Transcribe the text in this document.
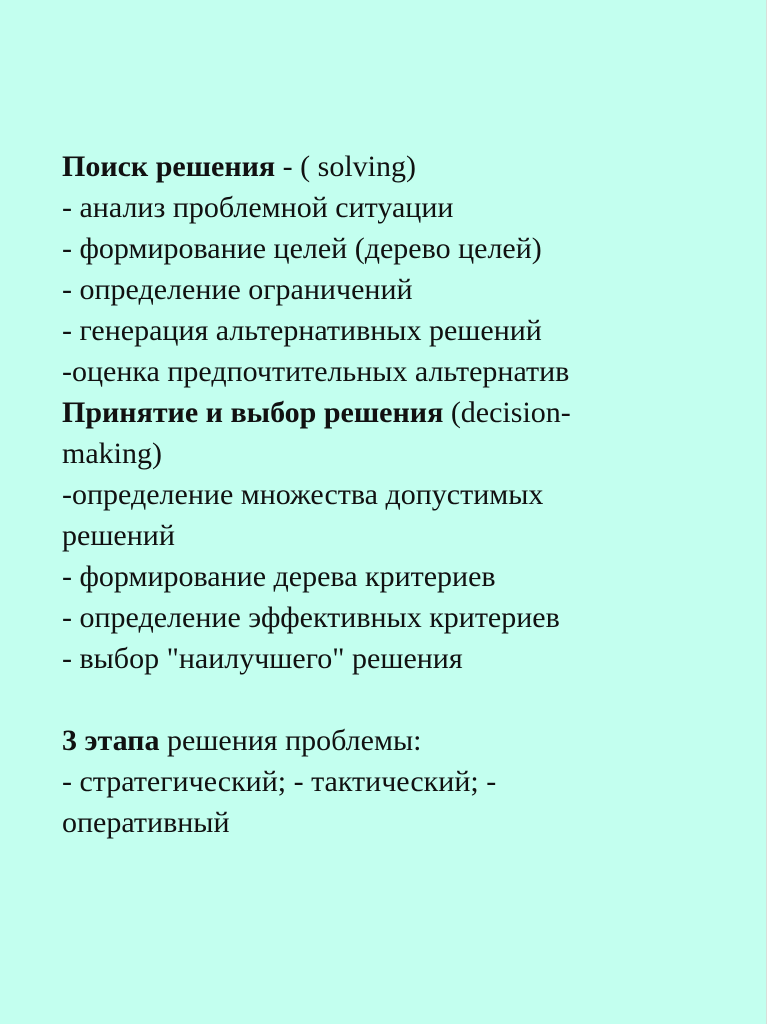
Поиск решения - ( solving)
- анализ проблемной ситуации
- формирование целей (дерево целей)
- определение ограничений
- генерация альтернативных решений
-оценка предпочтительных альтернатив
Принятие и выбор решения (decision-
making)
-определение множества допустимых
решений
- формирование дерева критериев
- определение эффективных критериев
- выбор "наилучшего" решения
3 этапа решения проблемы:
- стратегический; - тактический; -
оперативный
